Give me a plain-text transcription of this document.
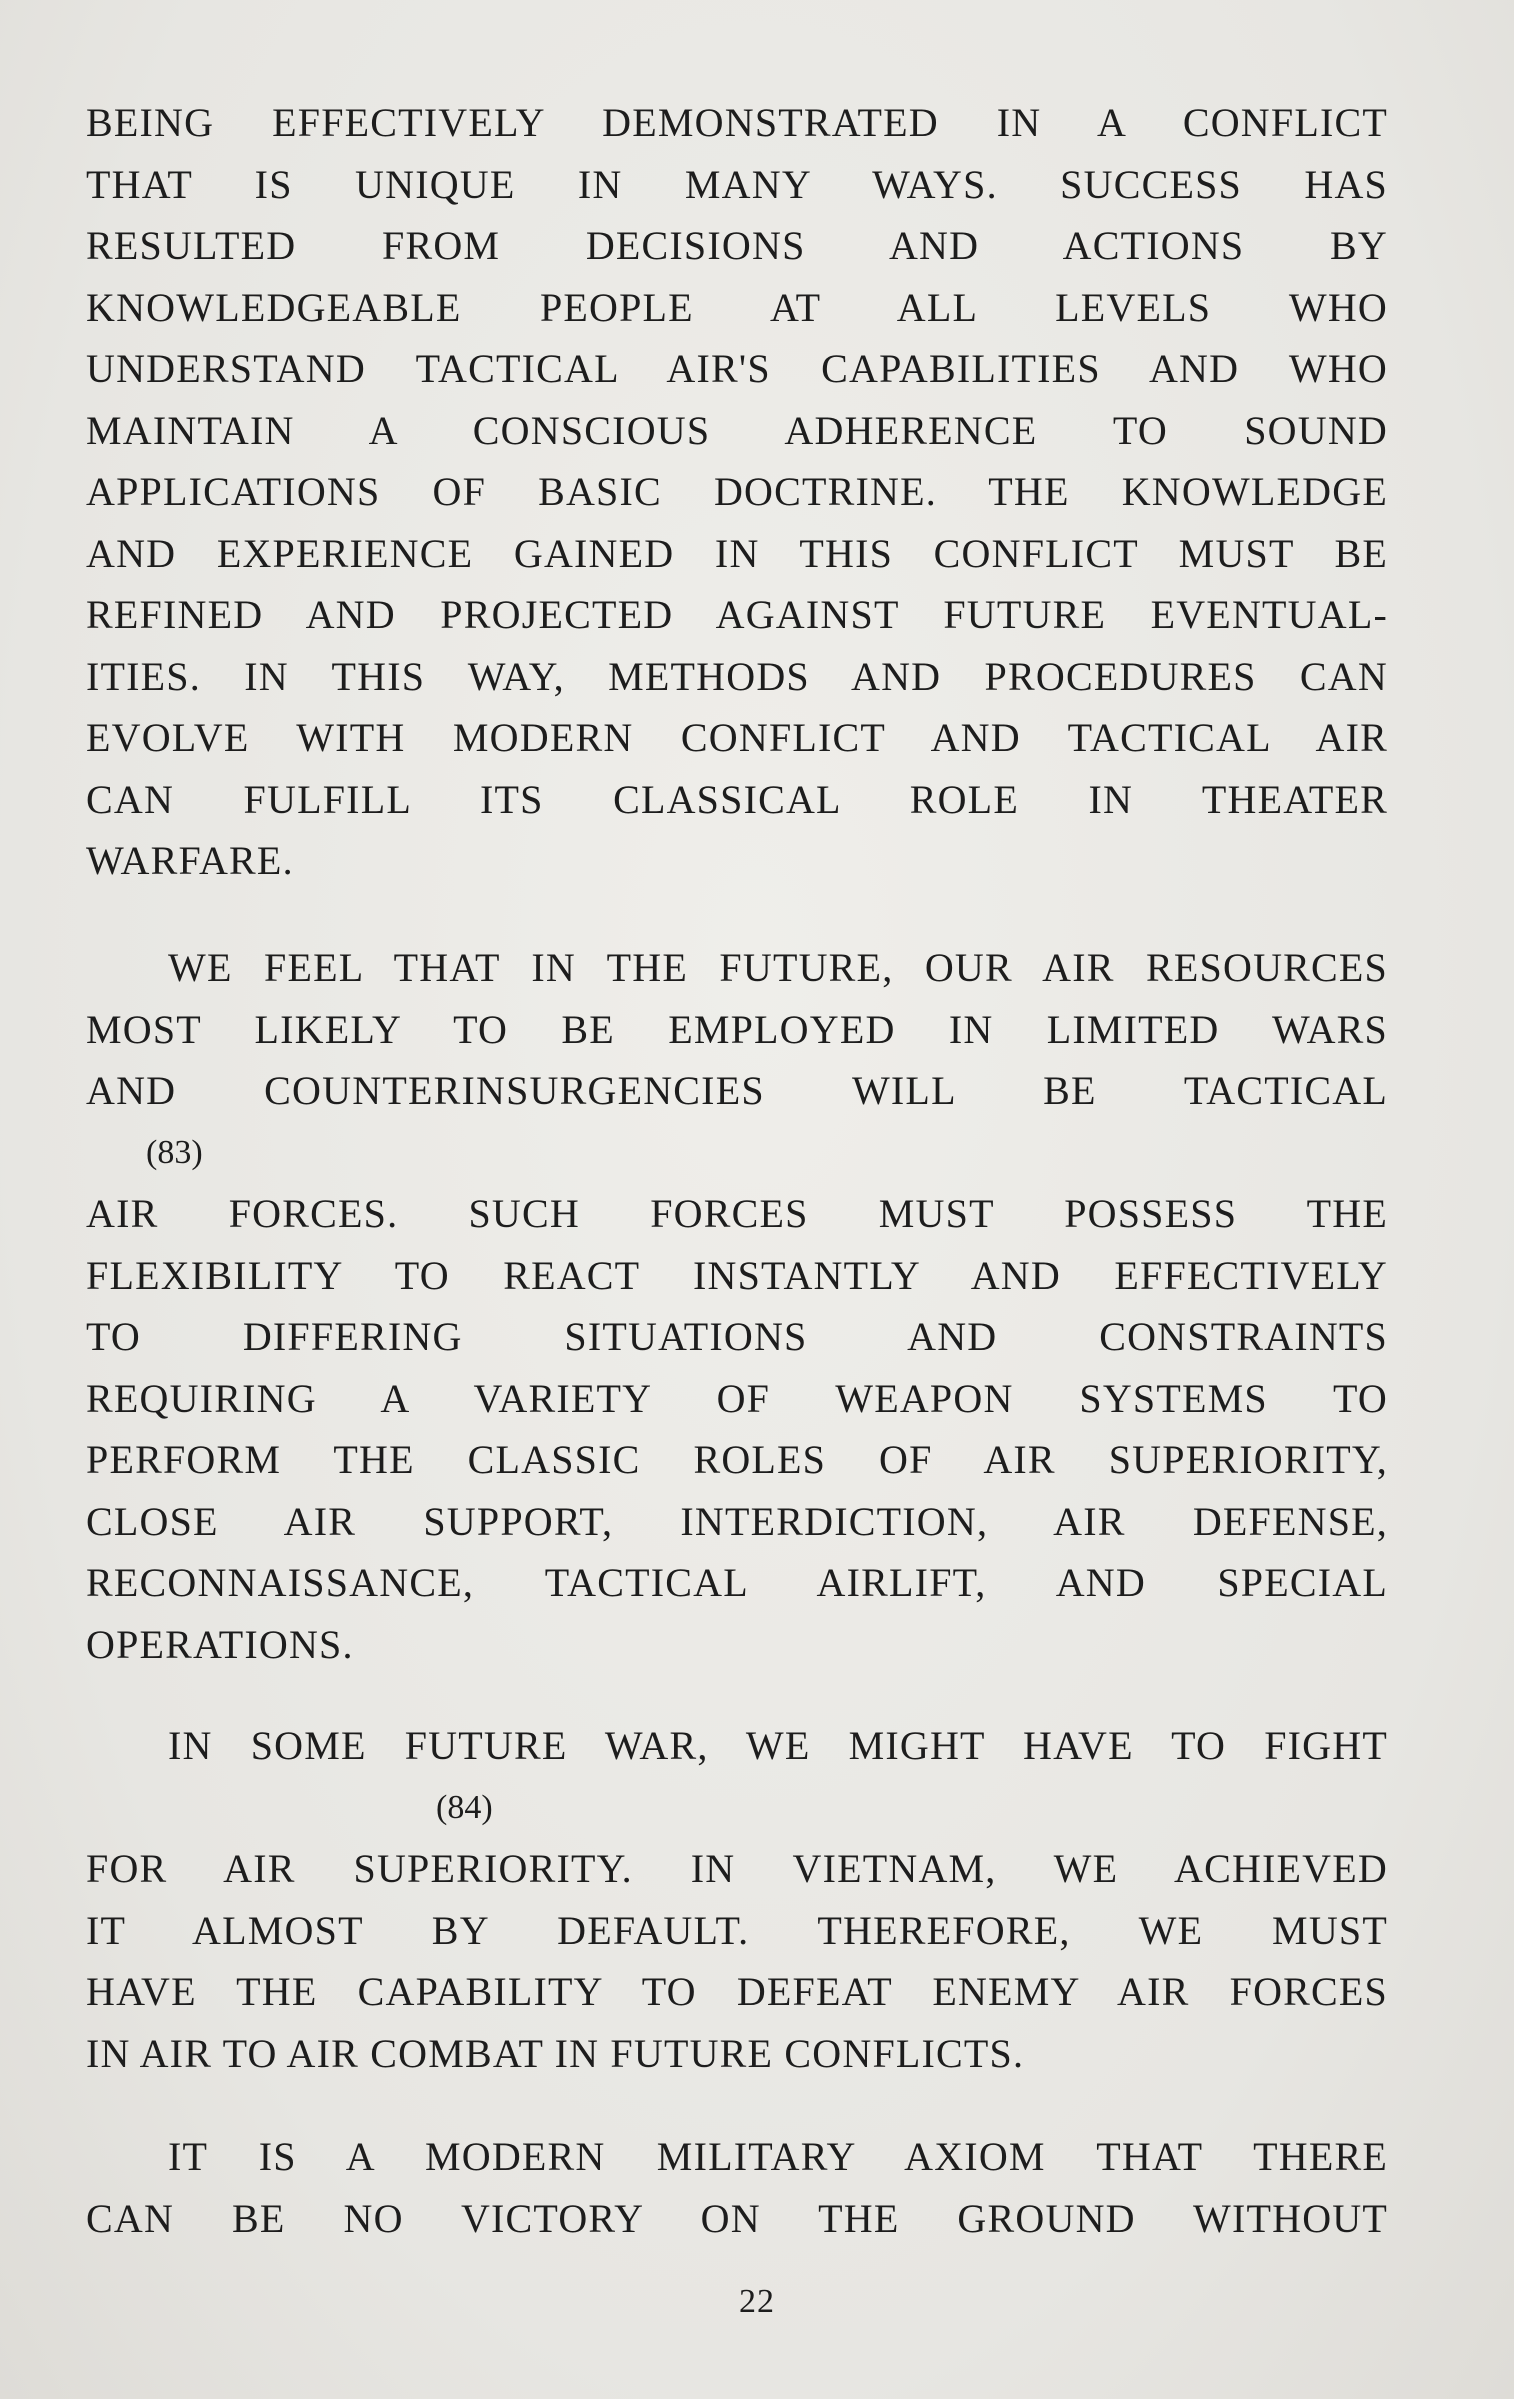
BEING EFFECTIVELY DEMONSTRATED IN A CONFLICT
THAT IS UNIQUE IN MANY WAYS. SUCCESS HAS
RESULTED FROM DECISIONS AND ACTIONS BY
KNOWLEDGEABLE PEOPLE AT ALL LEVELS WHO
UNDERSTAND TACTICAL AIR'S CAPABILITIES AND WHO
MAINTAIN A CONSCIOUS ADHERENCE TO SOUND
APPLICATIONS OF BASIC DOCTRINE. THE KNOWLEDGE
AND EXPERIENCE GAINED IN THIS CONFLICT MUST BE
REFINED AND PROJECTED AGAINST FUTURE EVENTUAL-
ITIES. IN THIS WAY, METHODS AND PROCEDURES CAN
EVOLVE WITH MODERN CONFLICT AND TACTICAL AIR
CAN FULFILL ITS CLASSICAL ROLE IN THEATER
WARFARE.
WE FEEL THAT IN THE FUTURE, OUR AIR RESOURCES
MOST LIKELY TO BE EMPLOYED IN LIMITED WARS
AND COUNTERINSURGENCIES WILL BE TACTICAL
(83)
AIR FORCES. SUCH FORCES MUST POSSESS THE
FLEXIBILITY TO REACT INSTANTLY AND EFFECTIVELY
TO DIFFERING SITUATIONS AND CONSTRAINTS
REQUIRING A VARIETY OF WEAPON SYSTEMS TO
PERFORM THE CLASSIC ROLES OF AIR SUPERIORITY,
CLOSE AIR SUPPORT, INTERDICTION, AIR DEFENSE,
RECONNAISSANCE, TACTICAL AIRLIFT, AND SPECIAL
OPERATIONS.
IN SOME FUTURE WAR, WE MIGHT HAVE TO FIGHT
(84)
FOR AIR SUPERIORITY. IN VIETNAM, WE ACHIEVED
IT ALMOST BY DEFAULT. THEREFORE, WE MUST
HAVE THE CAPABILITY TO DEFEAT ENEMY AIR FORCES
IN AIR TO AIR COMBAT IN FUTURE CONFLICTS.
IT IS A MODERN MILITARY AXIOM THAT THERE
CAN BE NO VICTORY ON THE GROUND WITHOUT
22
